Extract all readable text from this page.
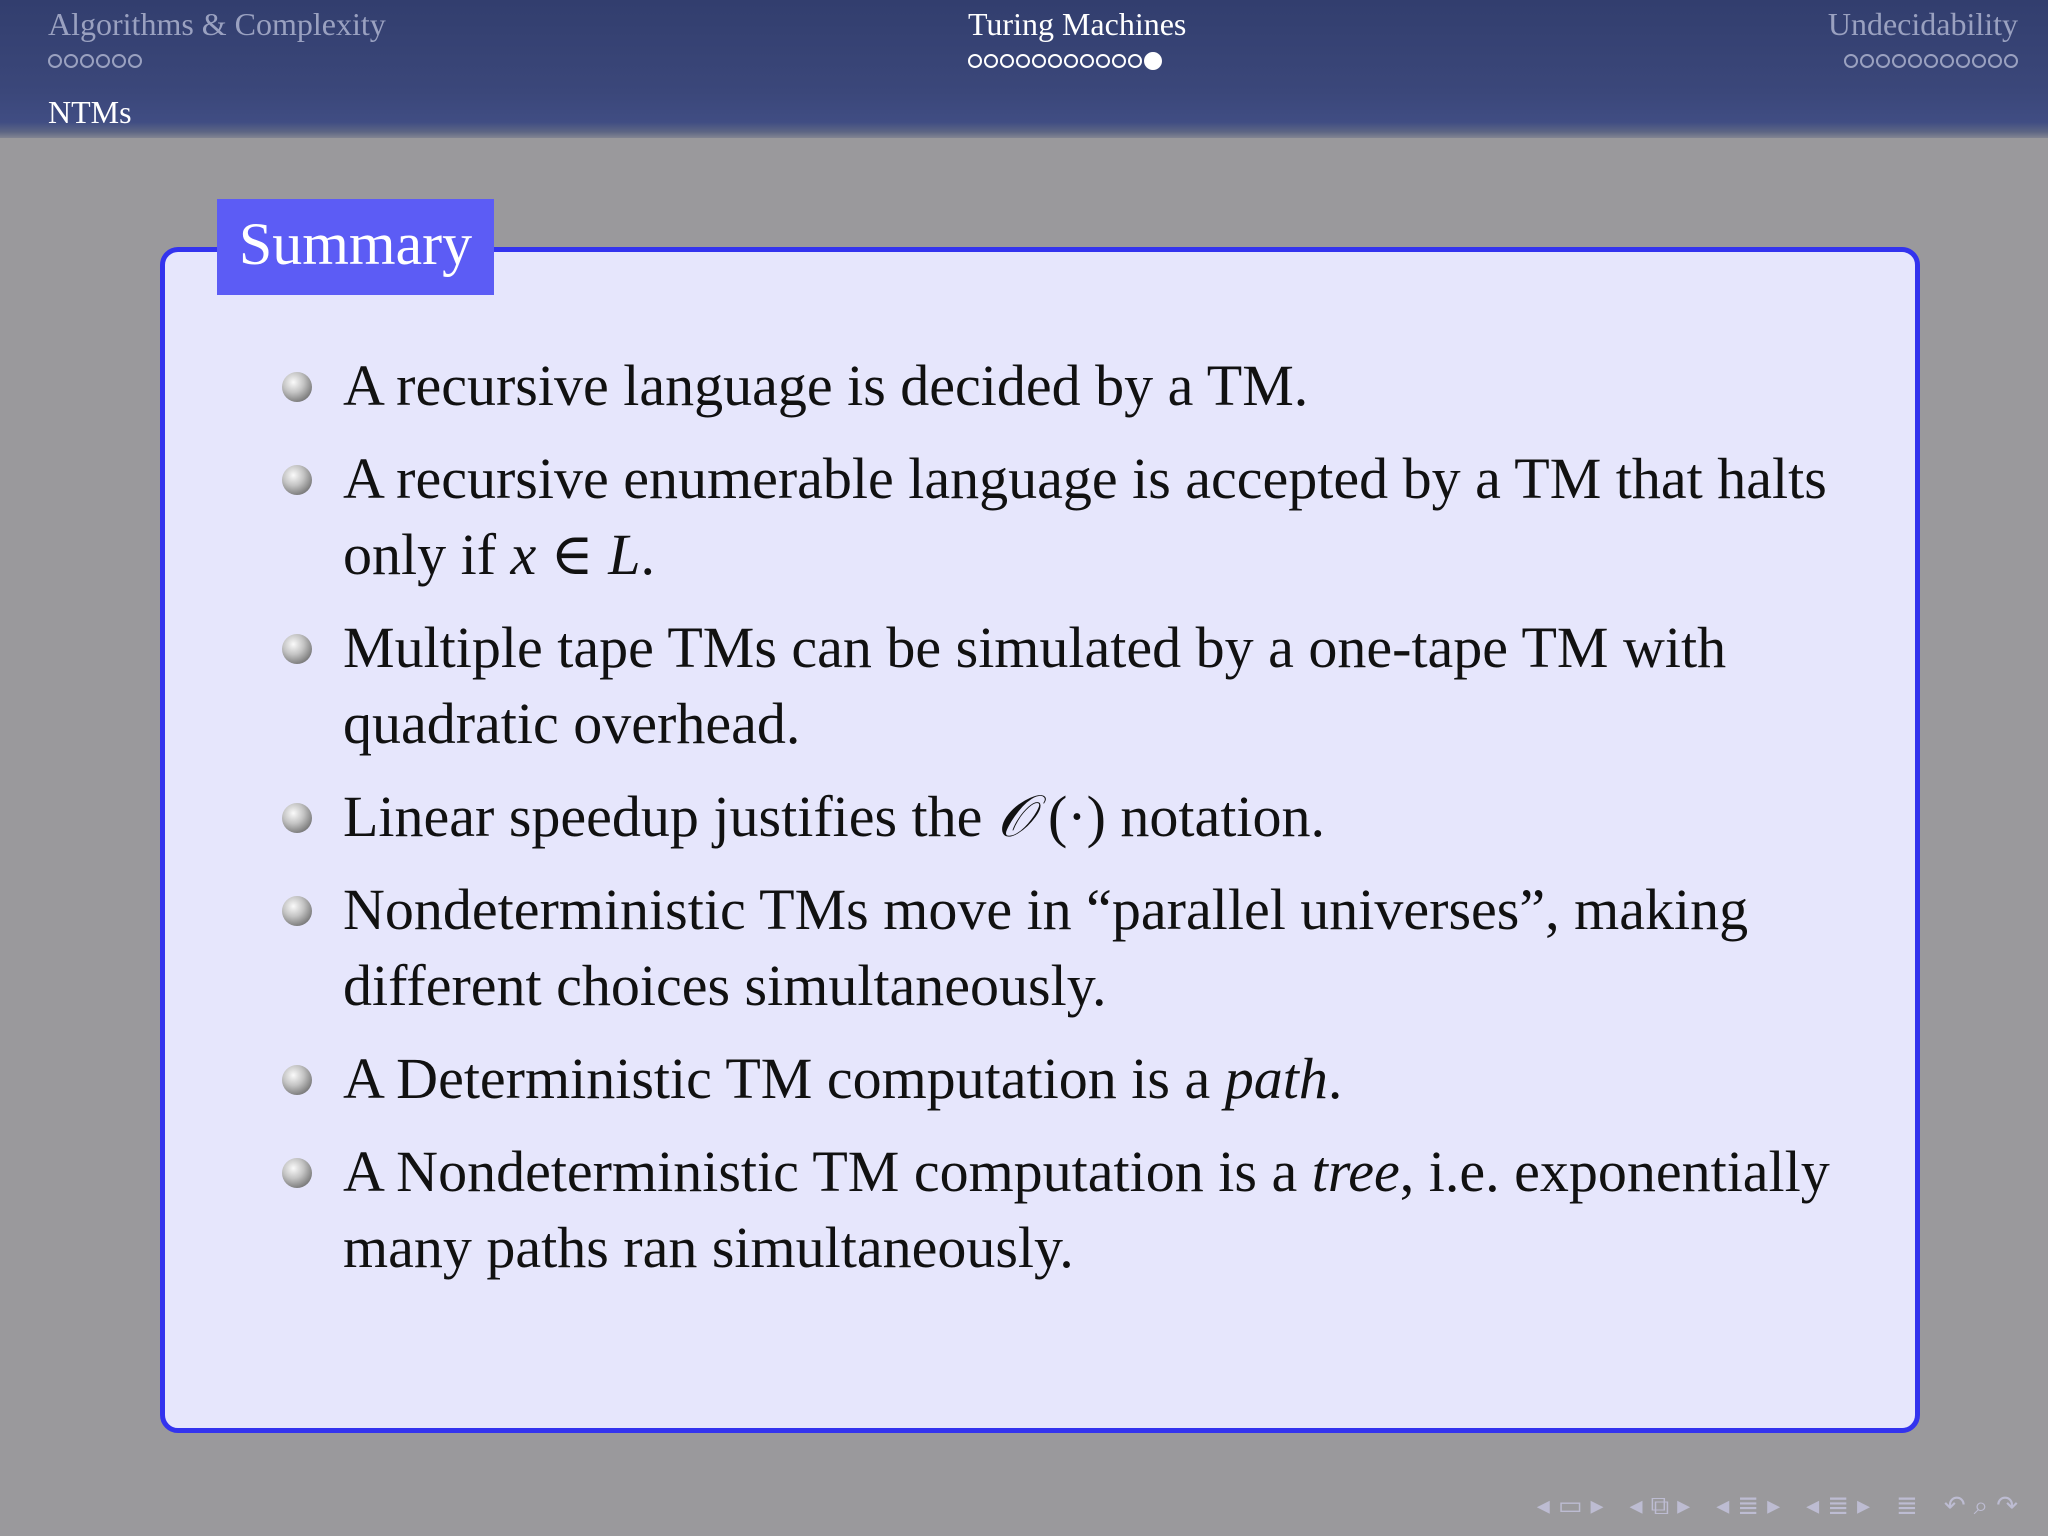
Algorithms & Complexity	Turing Machines	Undecidability
NTMs
Summary
A recursive language is decided by a TM.
A recursive enumerable language is accepted by a TM that halts only if x ∈ L.
Multiple tape TMs can be simulated by a one-tape TM with quadratic overhead.
Linear speedup justifies the 𝒪 (·) notation.
Nondeterministic TMs move in “parallel universes”, making different choices simultaneously.
A Deterministic TM computation is a path.
A Nondeterministic TM computation is a tree, i.e. exponentially many paths ran simultaneously.
◂ ▭ ▸ ◂ ⧉ ▸ ◂ ≣ ▸ ◂ ≣ ▸ ≣ ↶ ⌕ ↷
